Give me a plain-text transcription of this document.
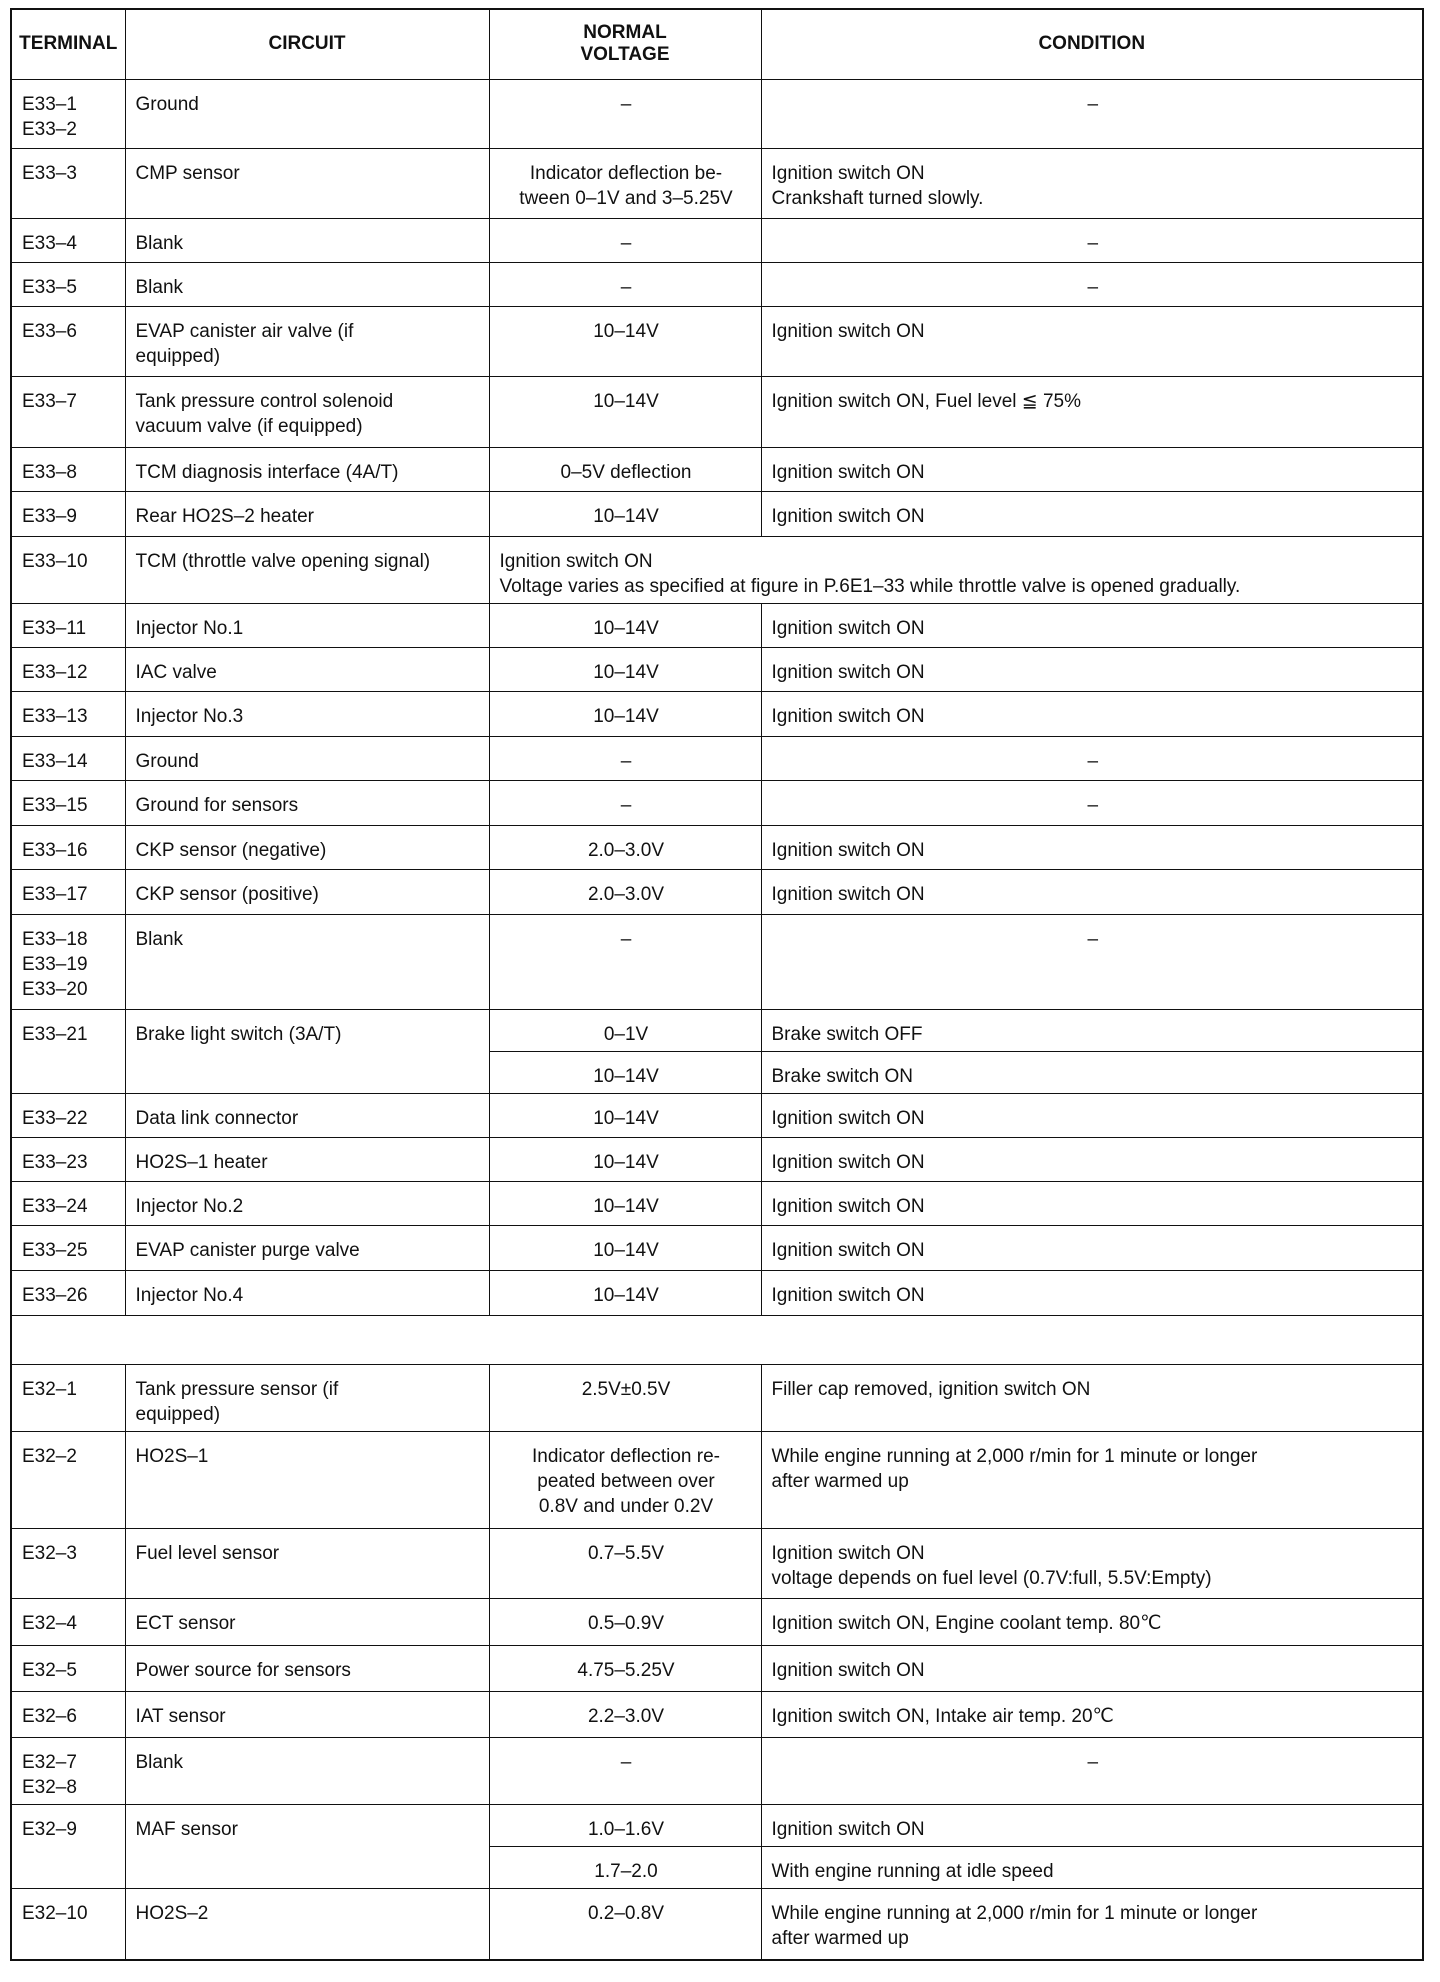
TERMINAL	CIRCUIT	NORMAL
VOLTAGE	CONDITION
E33–1
E33–2	Ground	–	–
E33–3	CMP sensor	Indicator deflection be-
tween 0–1V and 3–5.25V	Ignition switch ON
Crankshaft turned slowly.
E33–4	Blank	–	–
E33–5	Blank	–	–
E33–6	EVAP canister air valve (if
equipped)	10–14V	Ignition switch ON
E33–7	Tank pressure control solenoid
vacuum valve (if equipped)	10–14V	Ignition switch ON, Fuel level ≦ 75%
E33–8	TCM diagnosis interface (4A/T)	0–5V deflection	Ignition switch ON
E33–9	Rear HO2S–2 heater	10–14V	Ignition switch ON
E33–10	TCM (throttle valve opening signal)	Ignition switch ON
Voltage varies as specified at figure in P.6E1–33 while throttle valve is opened gradually.	
E33–11	Injector No.1	10–14V	Ignition switch ON
E33–12	IAC valve	10–14V	Ignition switch ON
E33–13	Injector No.3	10–14V	Ignition switch ON
E33–14	Ground	–	–
E33–15	Ground for sensors	–	–
E33–16	CKP sensor (negative)	2.0–3.0V	Ignition switch ON
E33–17	CKP sensor (positive)	2.0–3.0V	Ignition switch ON
E33–18
E33–19
E33–20	Blank	–	–
E33–21	Brake light switch (3A/T)	0–1V	Brake switch OFF
		10–14V	Brake switch ON
E33–22	Data link connector	10–14V	Ignition switch ON
E33–23	HO2S–1 heater	10–14V	Ignition switch ON
E33–24	Injector No.2	10–14V	Ignition switch ON
E33–25	EVAP canister purge valve	10–14V	Ignition switch ON
E33–26	Injector No.4	10–14V	Ignition switch ON

E32–1	Tank pressure sensor (if
equipped)	2.5V±0.5V	Filler cap removed, ignition switch ON
E32–2	HO2S–1	Indicator deflection re-
peated between over
0.8V and under 0.2V	While engine running at 2,000 r/min for 1 minute or longer
after warmed up
E32–3	Fuel level sensor	0.7–5.5V	Ignition switch ON
voltage depends on fuel level (0.7V:full, 5.5V:Empty)
E32–4	ECT sensor	0.5–0.9V	Ignition switch ON, Engine coolant temp. 80℃
E32–5	Power source for sensors	4.75–5.25V	Ignition switch ON
E32–6	IAT sensor	2.2–3.0V	Ignition switch ON, Intake air temp. 20℃
E32–7
E32–8	Blank	–	–
E32–9	MAF sensor	1.0–1.6V	Ignition switch ON
		1.7–2.0	With engine running at idle speed
E32–10	HO2S–2	0.2–0.8V	While engine running at 2,000 r/min for 1 minute or longer
after warmed up
